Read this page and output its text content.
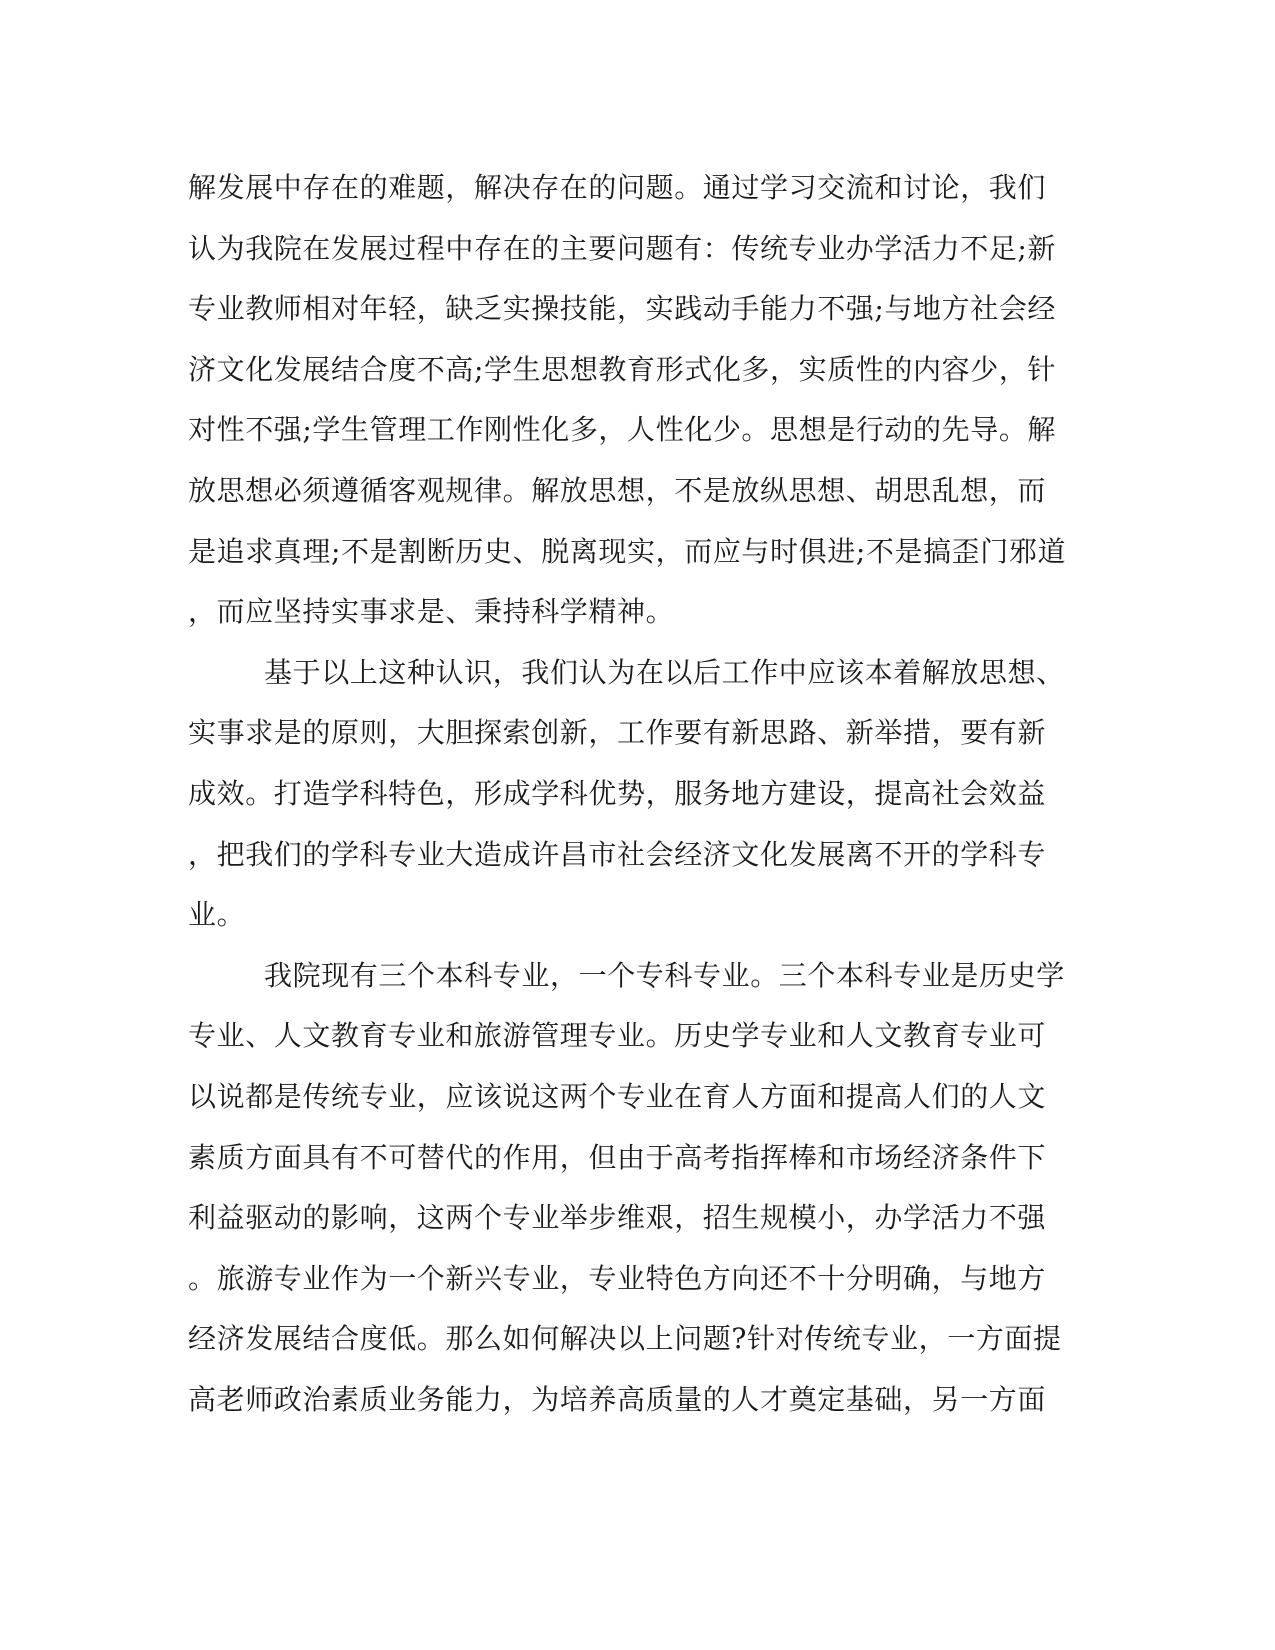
解发展中存在的难题，解决存在的问题。通过学习交流和讨论，我们
认为我院在发展过程中存在的主要问题有：传统专业办学活力不足;新
专业教师相对年轻，缺乏实操技能，实践动手能力不强;与地方社会经
济文化发展结合度不高;学生思想教育形式化多，实质性的内容少，针
对性不强;学生管理工作刚性化多，人性化少。思想是行动的先导。解
放思想必须遵循客观规律。解放思想，不是放纵思想、胡思乱想，而
是追求真理;不是割断历史、脱离现实，而应与时俱进;不是搞歪门邪道
，而应坚持实事求是、秉持科学精神。
基于以上这种认识，我们认为在以后工作中应该本着解放思想、
实事求是的原则，大胆探索创新，工作要有新思路、新举措，要有新
成效。打造学科特色，形成学科优势，服务地方建设，提高社会效益
，把我们的学科专业大造成许昌市社会经济文化发展离不开的学科专
业。
我院现有三个本科专业，一个专科专业。三个本科专业是历史学
专业、人文教育专业和旅游管理专业。历史学专业和人文教育专业可
以说都是传统专业，应该说这两个专业在育人方面和提高人们的人文
素质方面具有不可替代的作用，但由于高考指挥棒和市场经济条件下
利益驱动的影响，这两个专业举步维艰，招生规模小，办学活力不强
。旅游专业作为一个新兴专业，专业特色方向还不十分明确，与地方
经济发展结合度低。那么如何解决以上问题?针对传统专业，一方面提
高老师政治素质业务能力，为培养高质量的人才奠定基础，另一方面
